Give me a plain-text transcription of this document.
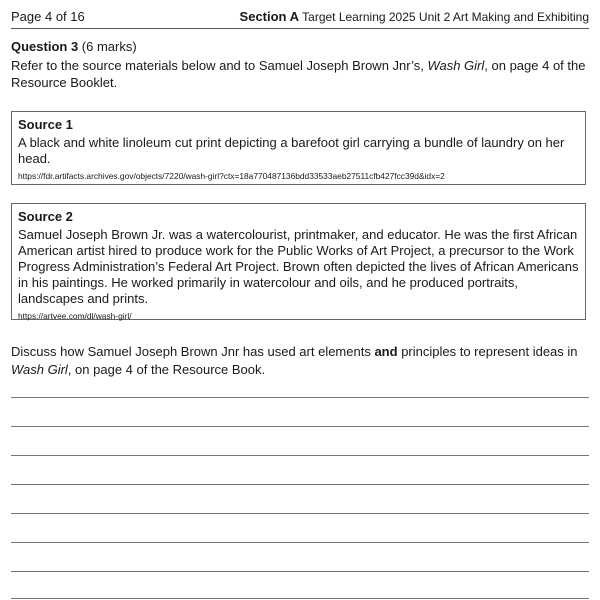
Page 4 of 16	Section A Target Learning 2025 Unit 2 Art Making and Exhibiting
Question 3 (6 marks)
Refer to the source materials below and to Samuel Joseph Brown Jnr’s, Wash Girl, on page 4 of the Resource Booklet.
Source 1
A black and white linoleum cut print depicting a barefoot girl carrying a bundle of laundry on her head.
https://fdr.artifacts.archives.gov/objects/7220/wash-girl?ctx=18a770487136bdd33533aeb27511cfb427fcc39d&idx=2
Source 2
Samuel Joseph Brown Jr. was a watercolourist, printmaker, and educator. He was the first African American artist hired to produce work for the Public Works of Art Project, a precursor to the Work Progress Administration’s Federal Art Project. Brown often depicted the lives of African Americans in his paintings. He worked primarily in watercolour and oils, and he produced portraits, landscapes and prints.
https://artvee.com/dl/wash-girl/
Discuss how Samuel Joseph Brown Jnr has used art elements and principles to represent ideas in Wash Girl, on page 4 of the Resource Book.
